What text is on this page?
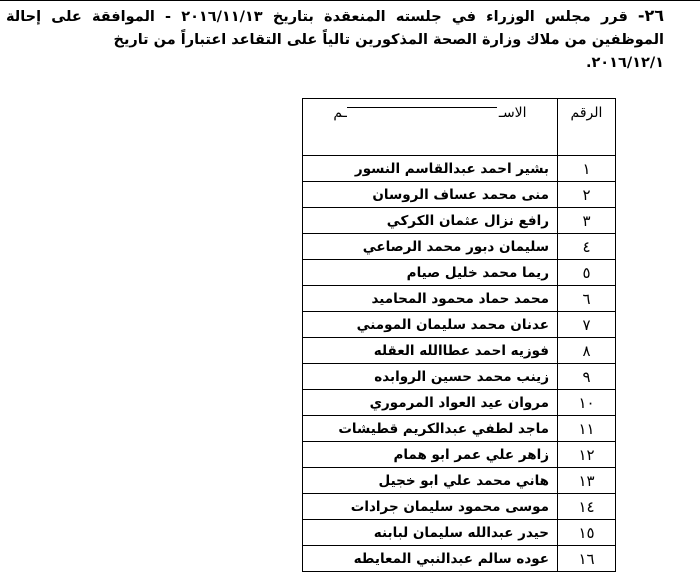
٢٦-قرر مجلس الوزراء في جلسته المنعقدة بتاريخ ٢٠١٦/١١/١٣ - الموافقة على إحالة الموظفين من ملاك وزارة الصحة المذكورين تالياً على التقاعد اعتباراً من تاريخ
٢٠١٦/١٢/١.
الرقم	الاســم
١	بشير احمد عبدالقاسم النسور
٢	منى محمد عساف الروسان
٣	رافع نزال عثمان الكركي
٤	سليمان دبور محمد الرصاعي
٥	ريما محمد خليل صيام
٦	محمد حماد محمود المحاميد
٧	عدنان محمد سليمان المومني
٨	فوزيه احمد عطاالله العقله
٩	زينب محمد حسين الروابده
١٠	مروان عيد العواد المرموري
١١	ماجد لطفي عبدالكريم قطيشات
١٢	زاهر علي عمر ابو همام
١٣	هاني محمد علي ابو خجيل
١٤	موسى محمود سليمان جرادات
١٥	حيدر عبدالله سليمان لبابنه
١٦	عوده سالم عبدالنبي المعايطه
